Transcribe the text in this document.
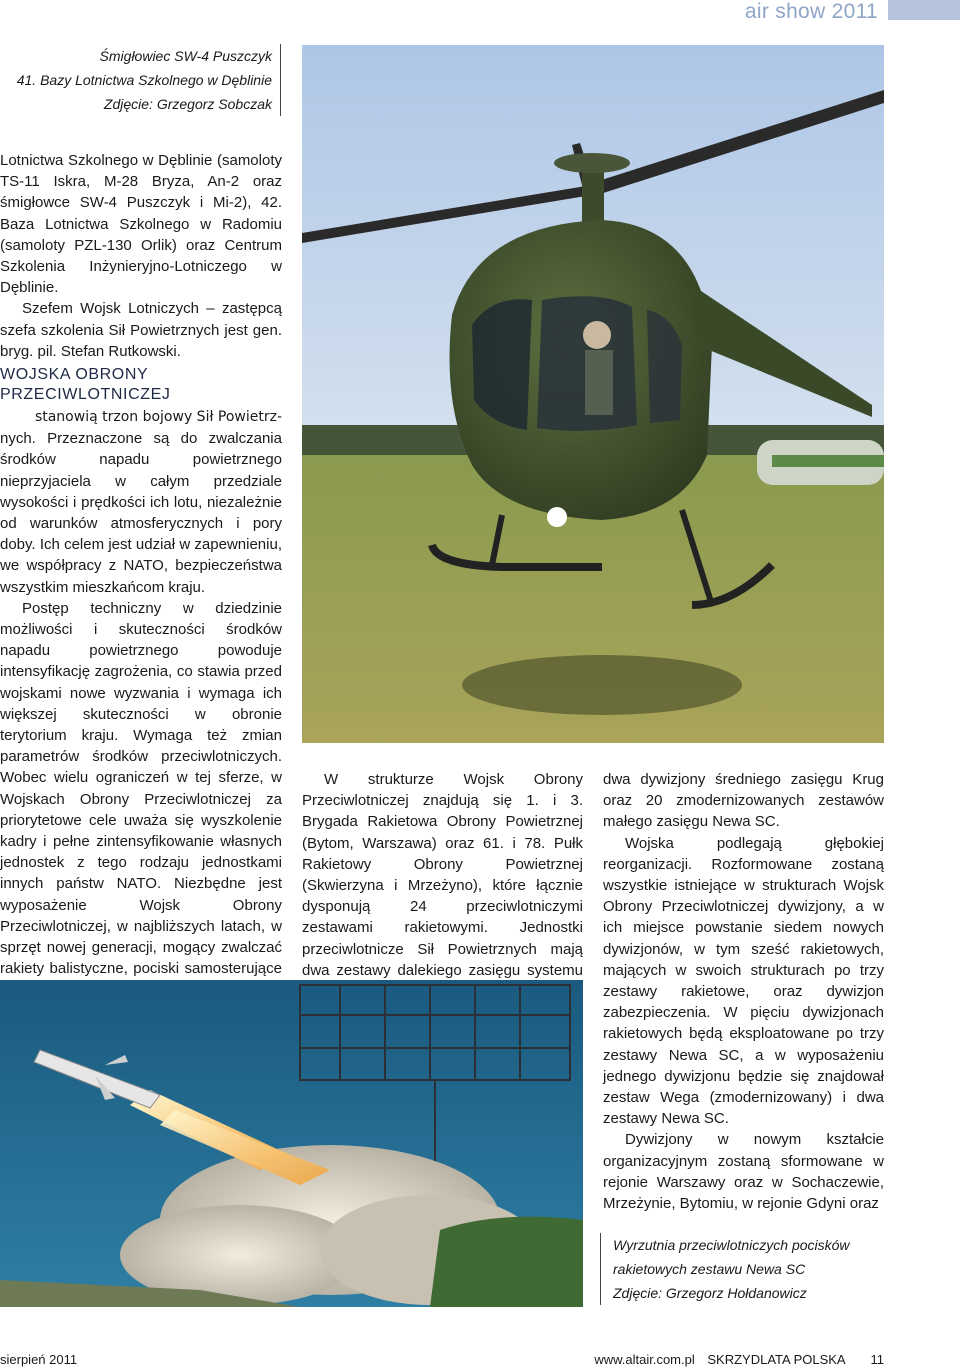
air show 2011
Śmigłowiec SW-4 Puszczyk
41. Bazy Lotnictwa Szkolnego w Dęblinie
Zdjęcie: Grzegorz Sobczak

Lotnictwa Szkolnego w Dęblinie (samoloty TS-11 Iskra, M-28 Bryza, An-2 oraz śmigłowce SW-4 Puszczyk i Mi-2), 42. Baza Lotnictwa Szkolnego w Radomiu (samoloty PZL-130 Orlik) oraz Centrum Szkolenia Inżynieryjno-Lotniczego w Dęblinie.

Szefem Wojsk Lotniczych – zastępcą szefa szkolenia Sił Powietrznych jest gen. bryg. pil. Stefan Rutkowski.

WOJSKA OBRONY
PRZECIWLOTNICZEJ

stanowią trzon bojowy Sił Powietrz-

nych. Przeznaczone są do zwalczania środków napadu powietrznego nieprzyjaciela w całym przedziale wysokości i prędkości ich lotu, niezależnie od warunków atmosferycznych i pory doby. Ich celem jest udział w zapewnieniu, we współpracy z NATO, bezpieczeństwa wszystkim mieszkańcom kraju.

Postęp techniczny w dziedzinie możliwości i skuteczności środków napadu powietrznego powoduje intensyfikację zagrożenia, co stawia przed wojskami nowe wyzwania i wymaga ich większej skuteczności w obronie terytorium kraju. Wymaga też zmian parametrów środków przeciwlotniczych. Wobec wielu ograniczeń w tej sferze, w Wojskach Obrony Przeciwlotniczej za priorytetowe cele uważa się wyszkolenie kadry i pełne zintensyfikowanie własnych jednostek z tego rodzaju jednostkami innych państw NATO. Niezbędne jest wyposażenie Wojsk Obrony Przeciwlotniczej, w najbliższych latach, w sprzęt nowej generacji, mogący zwalczać rakiety balistyczne, pociski samosterujące

W strukturze Wojsk Obrony Przeciwlotniczej znajdują się 1. i 3. Brygada Rakietowa Obrony Powietrznej (Bytom, Warszawa) oraz 61. i 78. Pułk Rakietowy Obrony Powietrznej (Skwierzyna i Mrzeżyno), które łącznie dysponują 24 przeciwlotniczymi zestawami rakietowymi. Jednostki przeciwlotnicze Sił Powietrznych mają dwa zestawy dalekiego zasięgu systemu

dwa dywizjony średniego zasięgu Krug oraz 20 zmodernizowanych zestawów małego zasięgu Newa SC.

Wojska podlegają głębokiej reorganizacji. Rozformowane zostaną wszystkie istniejące w strukturach Wojsk Obrony Przeciwlotniczej dywizjony, a w ich miejsce powstanie siedem nowych dywizjonów, w tym sześć rakietowych, mających w swoich strukturach po trzy zestawy rakietowe, oraz dywizjon zabezpieczenia. W pięciu dywizjonach rakietowych będą eksploatowane po trzy zestawy Newa SC, a w wyposażeniu jednego dywizjonu będzie się znajdował zestaw Wega (zmodernizowany) i dwa zestawy Newa SC.

Dywizjony w nowym kształcie organizacyjnym zostaną sformowane w rejonie Warszawy oraz w Sochaczewie, Mrzeżynie, Bytomiu, w rejonie Gdyni oraz

Wyrzutnia przeciwlotniczych pocisków
rakietowych zestawu Newa SC
Zdjęcie: Grzegorz Hołdanowicz
sierpień 2011	www.altair.com.pl SKRZYDLATA POLSKA 11
